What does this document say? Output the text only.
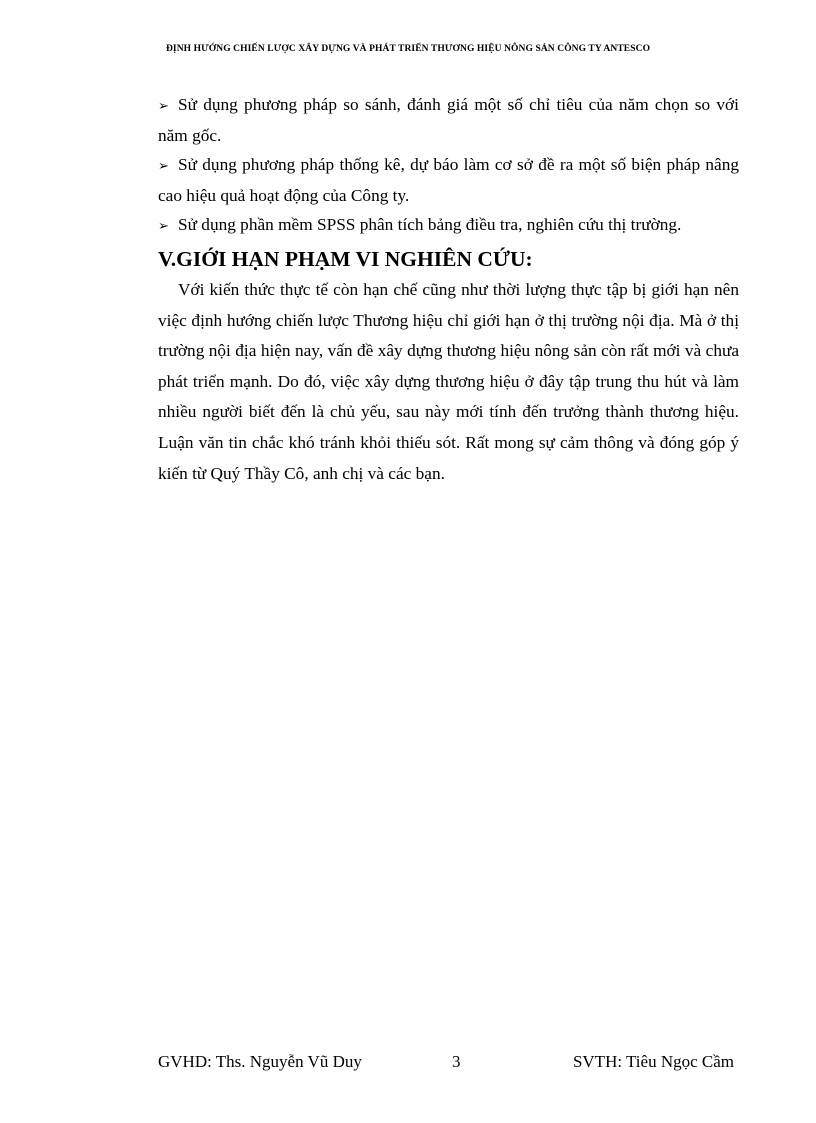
ĐỊNH HƯỚNG CHIẾN LƯỢC XÂY DỰNG VÀ PHÁT TRIỂN THƯƠNG HIỆU NÔNG SẢN CÔNG TY ANTESCO

➢ Sử dụng phương pháp so sánh, đánh giá một số chỉ tiêu của năm chọn so với năm gốc.

➢ Sử dụng phương pháp thống kê, dự báo làm cơ sở đề ra một số biện pháp nâng cao hiệu quả hoạt động của Công ty.

➢ Sử dụng phần mềm SPSS phân tích bảng điều tra, nghiên cứu thị trường.

V.GIỚI HẠN PHẠM VI NGHIÊN CỨU:

Với kiến thức thực tế còn hạn chế cũng như thời lượng thực tập bị giới hạn nên việc định hướng chiến lược Thương hiệu chỉ giới hạn ở thị trường nội địa. Mà ở thị trường nội địa hiện nay, vấn đề xây dựng thương hiệu nông sản còn rất mới và chưa phát triển mạnh. Do đó, việc xây dựng thương hiệu ở đây tập trung thu hút và làm nhiều người biết đến là chủ yếu, sau này mới tính đến trưởng thành thương hiệu. Luận văn tin chắc khó tránh khỏi thiếu sót. Rất mong sự cảm thông và đóng góp ý kiến từ Quý Thầy Cô, anh chị và các bạn.

GVHD: Ths. Nguyễn Vũ Duy	3	SVTH: Tiêu Ngọc Cầm
